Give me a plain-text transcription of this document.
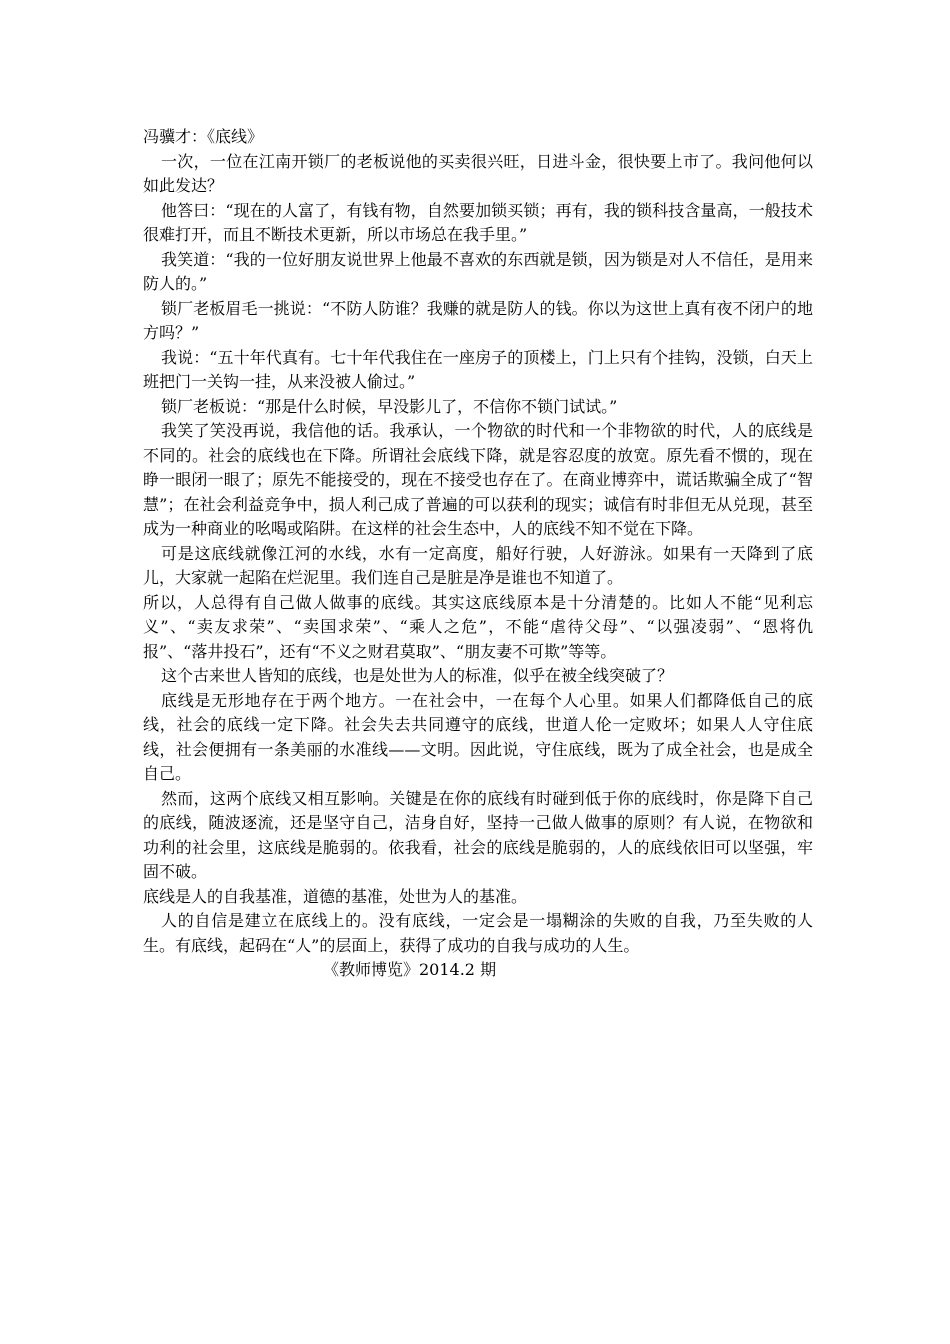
冯骥才：《底线》

一次，一位在江南开锁厂的老板说他的买卖很兴旺，日进斗金，很快要上市了。我问他何以如此发达？

他答曰：“现在的人富了，有钱有物，自然要加锁买锁；再有，我的锁科技含量高，一般技术很难打开，而且不断技术更新，所以市场总在我手里。”

我笑道：“我的一位好朋友说世界上他最不喜欢的东西就是锁，因为锁是对人不信任，是用来防人的。”

锁厂老板眉毛一挑说：“不防人防谁？我赚的就是防人的钱。你以为这世上真有夜不闭户的地方吗？”

我说：“五十年代真有。七十年代我住在一座房子的顶楼上，门上只有个挂钩，没锁，白天上班把门一关钩一挂，从来没被人偷过。”

锁厂老板说：“那是什么时候，早没影儿了，不信你不锁门试试。”

我笑了笑没再说，我信他的话。我承认，一个物欲的时代和一个非物欲的时代，人的底线是不同的。社会的底线也在下降。所谓社会底线下降，就是容忍度的放宽。原先看不惯的，现在睁一眼闭一眼了；原先不能接受的，现在不接受也存在了。在商业博弈中，谎话欺骗全成了“智慧”；在社会利益竞争中，损人利己成了普遍的可以获利的现实；诚信有时非但无从兑现，甚至成为一种商业的吆喝或陷阱。在这样的社会生态中，人的底线不知不觉在下降。

可是这底线就像江河的水线，水有一定高度，船好行驶，人好游泳。如果有一天降到了底儿，大家就一起陷在烂泥里。我们连自己是脏是净是谁也不知道了。

所以，人总得有自己做人做事的底线。其实这底线原本是十分清楚的。比如人不能“见利忘义”、“卖友求荣”、“卖国求荣”、“乘人之危”，不能“虐待父母”、“以强凌弱”、“恩将仇报”、“落井投石”，还有“不义之财君莫取”、“朋友妻不可欺”等等。

这个古来世人皆知的底线，也是处世为人的标准，似乎在被全线突破了？

底线是无形地存在于两个地方。一在社会中，一在每个人心里。如果人们都降低自己的底线，社会的底线一定下降。社会失去共同遵守的底线，世道人伦一定败坏；如果人人守住底线，社会便拥有一条美丽的水准线——文明。因此说，守住底线，既为了成全社会，也是成全自己。

然而，这两个底线又相互影响。关键是在你的底线有时碰到低于你的底线时，你是降下自己的底线，随波逐流，还是坚守自己，洁身自好，坚持一己做人做事的原则？有人说，在物欲和功利的社会里，这底线是脆弱的。依我看，社会的底线是脆弱的，人的底线依旧可以坚强，牢固不破。

底线是人的自我基准，道德的基准，处世为人的基准。

人的自信是建立在底线上的。没有底线，一定会是一塌糊涂的失败的自我，乃至失败的人生。有底线，起码在“人”的层面上，获得了成功的自我与成功的人生。

《教师博览》2014.2 期
